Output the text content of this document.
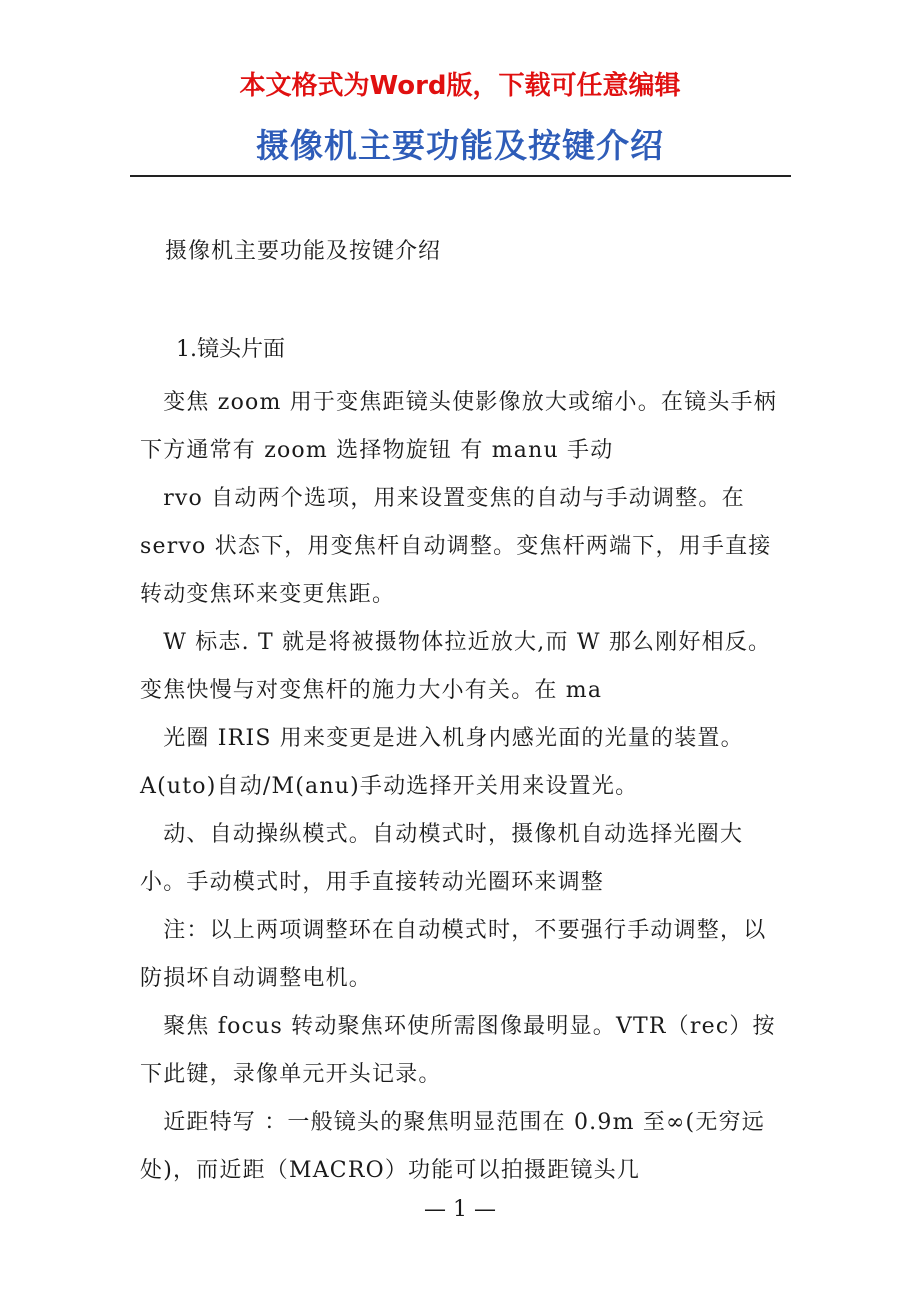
本文格式为Word版，下载可任意编辑
摄像机主要功能及按键介绍
摄像机主要功能及按键介绍
1.镜头片面

　变焦 zoom 用于变焦距镜头使影像放大或缩小。在镜头手柄下方通常有 zoom 选择物旋钮 有 manu 手动

　rvo 自动两个选项，用来设置变焦的自动与手动调整。在 servo 状态下，用变焦杆自动调整。变焦杆两端下，用手直接转动变焦环来变更焦距。

　W 标志. T 就是将被摄物体拉近放大,而 W 那么刚好相反。变焦快慢与对变焦杆的施力大小有关。在 ma

　光圈 IRIS 用来变更是进入机身内感光面的光量的装置。A(uto)自动/M(anu)手动选择开关用来设置光。

　动、自动操纵模式。自动模式时，摄像机自动选择光圈大小。手动模式时，用手直接转动光圈环来调整

　注：以上两项调整环在自动模式时，不要强行手动调整，以防损坏自动调整电机。

　聚焦 focus 转动聚焦环使所需图像最明显。VTR（rec）按下此键，录像单元开头记录。

　近距特写 ：一般镜头的聚焦明显范围在 0.9m 至∞(无穷远处)，而近距（MACRO）功能可以拍摄距镜头几

— 1 —
